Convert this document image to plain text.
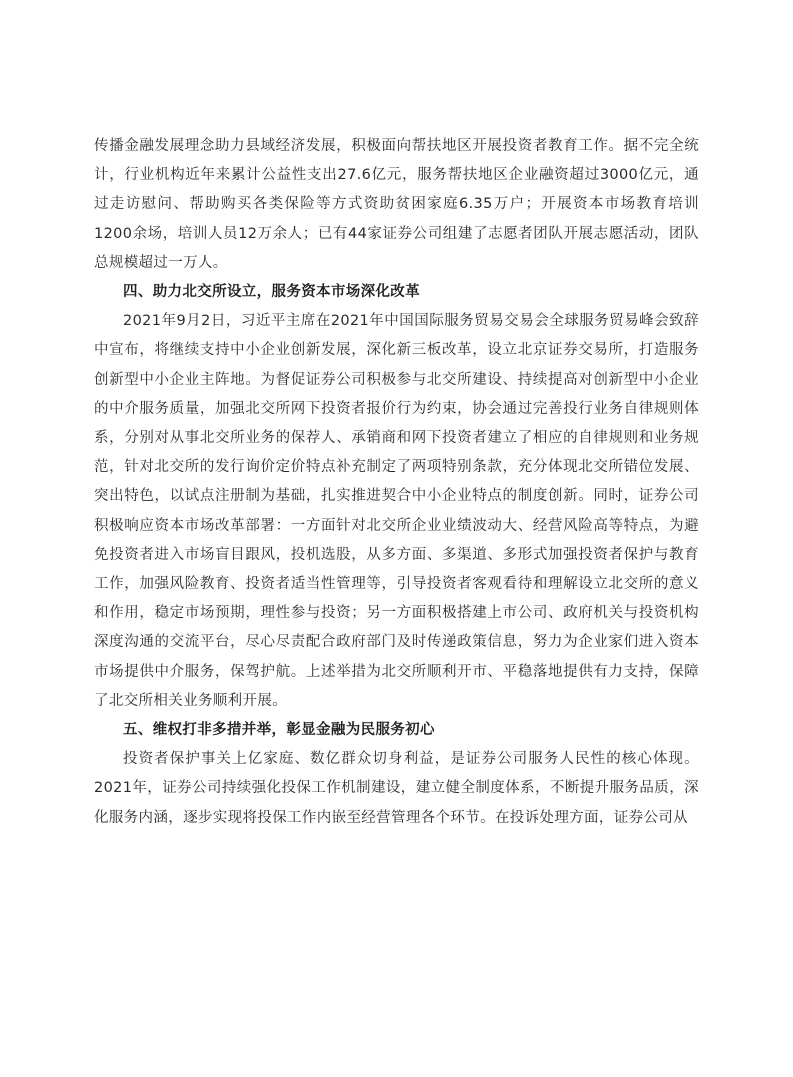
传播金融发展理念助力县域经济发展，积极面向帮扶地区开展投资者教育工作。据不完全统计，行业机构近年来累计公益性支出27.6亿元，服务帮扶地区企业融资超过3000亿元，通过走访慰问、帮助购买各类保险等方式资助贫困家庭6.35万户；开展资本市场教育培训1200余场，培训人员12万余人；已有44家证券公司组建了志愿者团队开展志愿活动，团队总规模超过一万人。

四、助力北交所设立，服务资本市场深化改革

2021年9月2日，习近平主席在2021年中国国际服务贸易交易会全球服务贸易峰会致辞中宣布，将继续支持中小企业创新发展，深化新三板改革，设立北京证券交易所，打造服务创新型中小企业主阵地。为督促证券公司积极参与北交所建设、持续提高对创新型中小企业的中介服务质量，加强北交所网下投资者报价行为约束，协会通过完善投行业务自律规则体系，分别对从事北交所业务的保荐人、承销商和网下投资者建立了相应的自律规则和业务规范，针对北交所的发行询价定价特点补充制定了两项特别条款，充分体现北交所错位发展、突出特色，以试点注册制为基础，扎实推进契合中小企业特点的制度创新。同时，证券公司积极响应资本市场改革部署：一方面针对北交所企业业绩波动大、经营风险高等特点，为避免投资者进入市场盲目跟风，投机选股，从多方面、多渠道、多形式加强投资者保护与教育工作，加强风险教育、投资者适当性管理等，引导投资者客观看待和理解设立北交所的意义和作用，稳定市场预期，理性参与投资；另一方面积极搭建上市公司、政府机关与投资机构深度沟通的交流平台，尽心尽责配合政府部门及时传递政策信息，努力为企业家们进入资本市场提供中介服务，保驾护航。上述举措为北交所顺利开市、平稳落地提供有力支持，保障了北交所相关业务顺利开展。

五、维权打非多措并举，彰显金融为民服务初心

投资者保护事关上亿家庭、数亿群众切身利益，是证券公司服务人民性的核心体现。2021年，证券公司持续强化投保工作机制建设，建立健全制度体系，不断提升服务品质，深化服务内涵，逐步实现将投保工作内嵌至经营管理各个环节。在投诉处理方面，证券公司从
